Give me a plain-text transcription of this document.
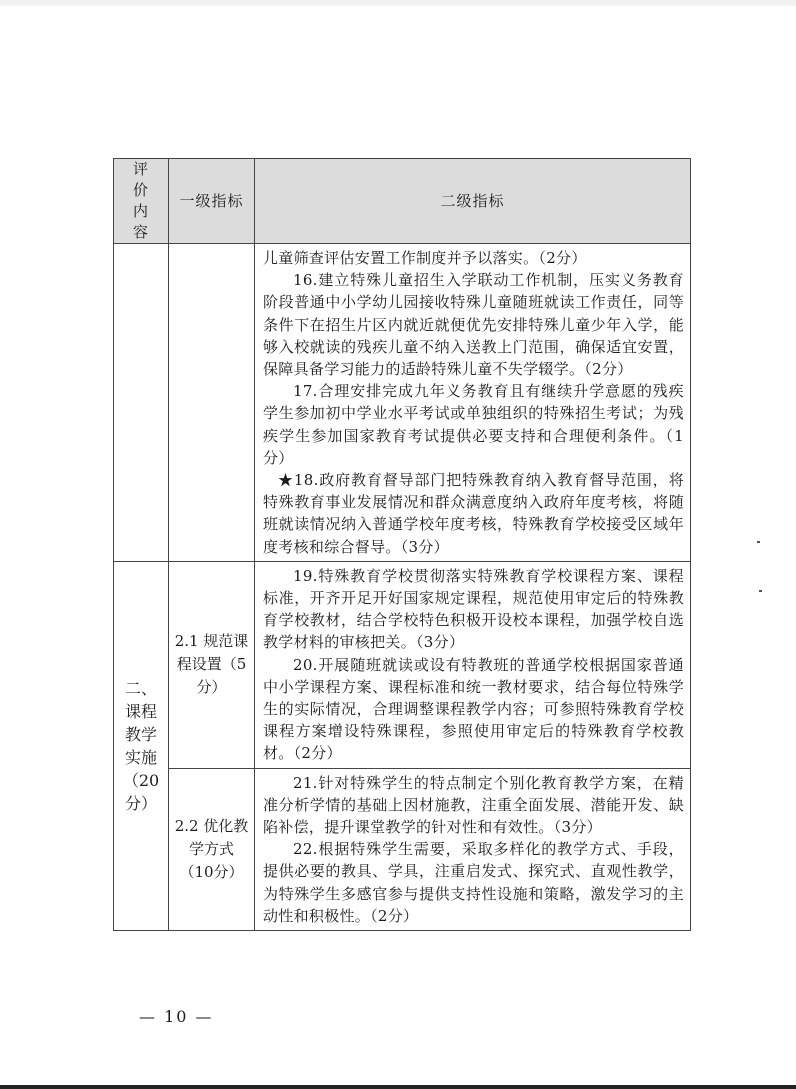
评价内容	一级指标	二级指标

		儿童筛查评估安置工作制度并予以落实。（2分）

16.建立特殊儿童招生入学联动工作机制，压实义务教育阶段普通中小学幼儿园接收特殊儿童随班就读工作责任，同等条件下在招生片区内就近就便优先安排特殊儿童少年入学，能够入校就读的残疾儿童不纳入送教上门范围，确保适宜安置，保障具备学习能力的适龄特殊儿童不失学辍学。（2分）

17.合理安排完成九年义务教育且有继续升学意愿的残疾学生参加初中学业水平考试或单独组织的特殊招生考试；为残疾学生参加国家教育考试提供必要支持和合理便利条件。（1分）

★18.政府教育督导部门把特殊教育纳入教育督导范围，将特殊教育事业发展情况和群众满意度纳入政府年度考核，将随班就读情况纳入普通学校年度考核，特殊教育学校接受区域年度考核和综合督导。（3分）

二、课程教学实施（20分）	2.1 规范课程设置（5分）	19.特殊教育学校贯彻落实特殊教育学校课程方案、课程标准，开齐开足开好国家规定课程，规范使用审定后的特殊教育学校教材，结合学校特色积极开设校本课程，加强学校自选教学材料的审核把关。（3分）

20.开展随班就读或设有特教班的普通学校根据国家普通中小学课程方案、课程标准和统一教材要求，结合每位特殊学生的实际情况，合理调整课程教学内容；可参照特殊教育学校课程方案增设特殊课程，参照使用审定后的特殊教育学校教材。（2分）

	2.2 优化教学方式（10分）	21.针对特殊学生的特点制定个别化教育教学方案，在精准分析学情的基础上因材施教，注重全面发展、潜能开发、缺陷补偿，提升课堂教学的针对性和有效性。（3分）

22.根据特殊学生需要，采取多样化的教学方式、手段，提供必要的教具、学具，注重启发式、探究式、直观性教学，为特殊学生多感官参与提供支持性设施和策略，激发学习的主动性和积极性。（2分）

— 10 —
